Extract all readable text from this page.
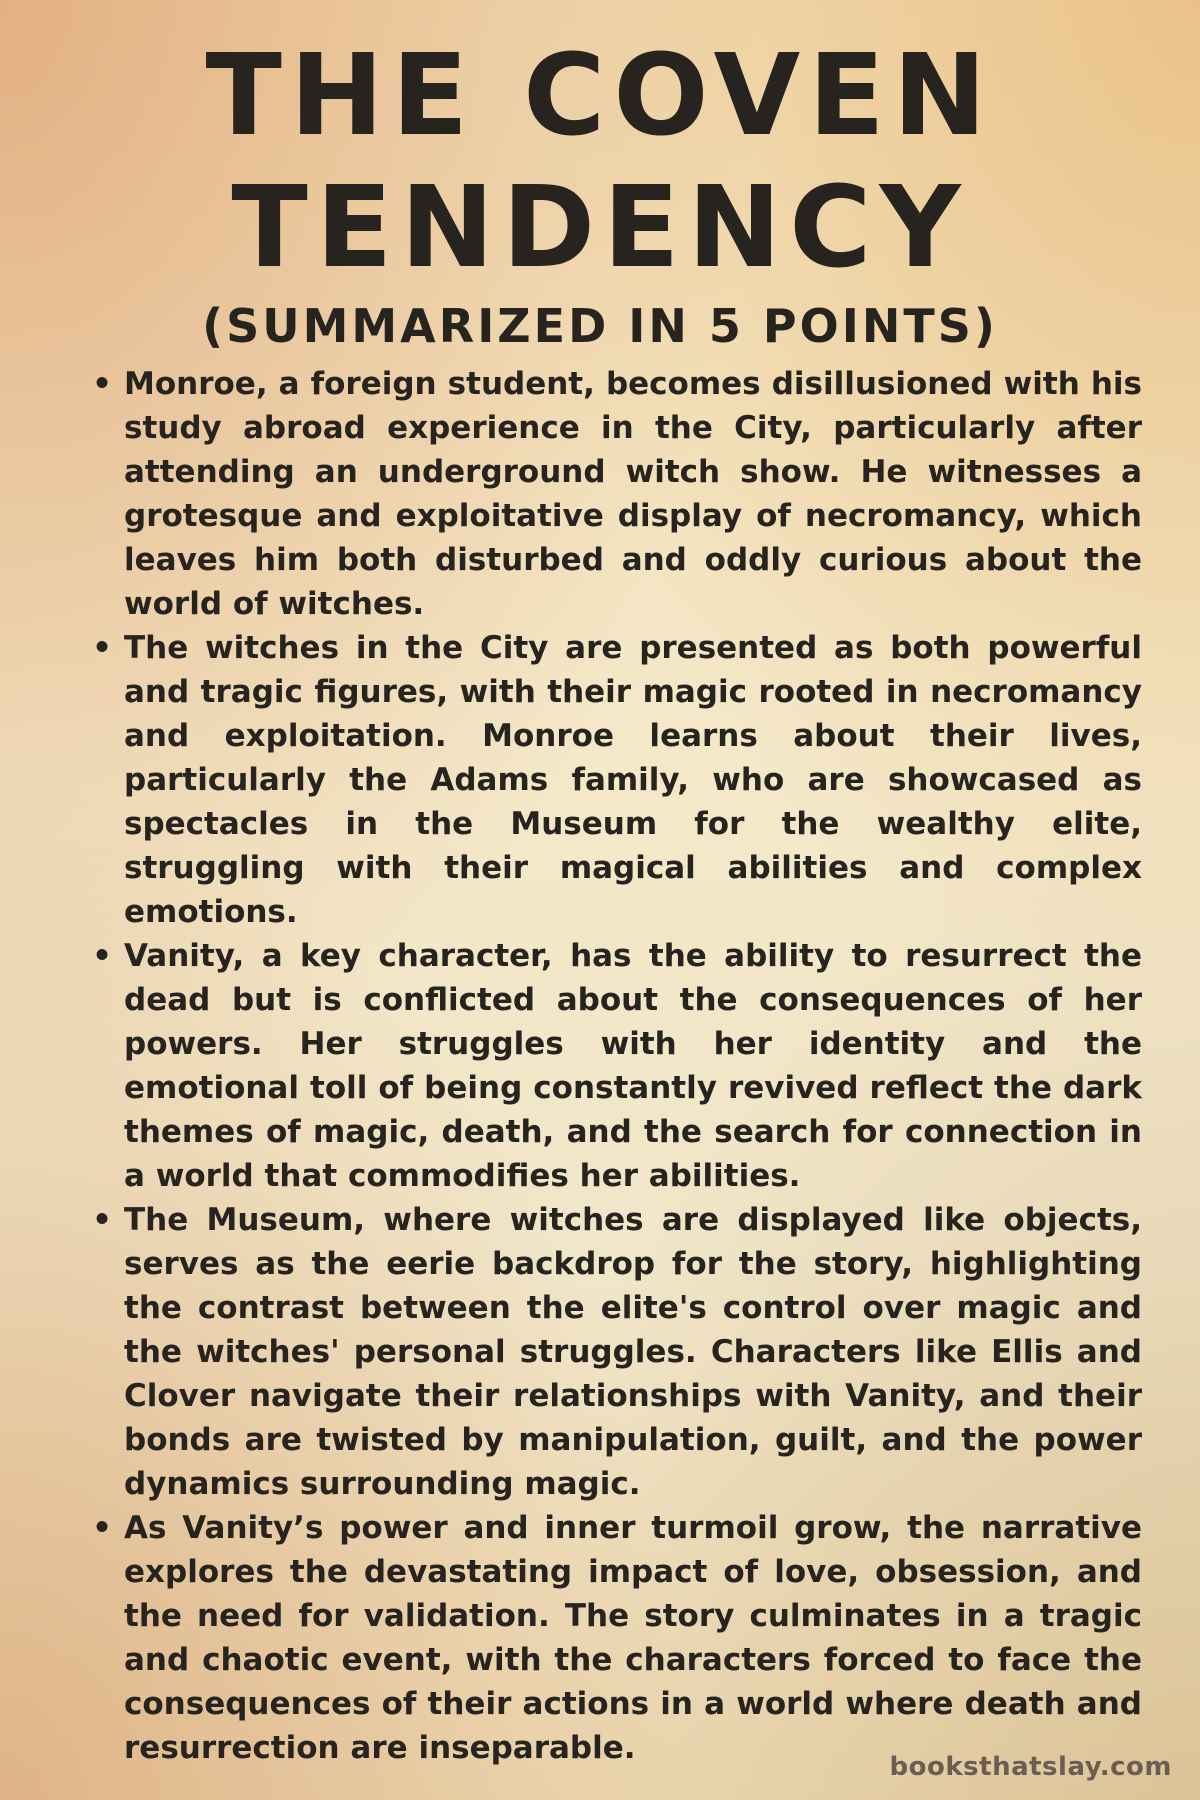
THE COVEN
TENDENCY
(SUMMARIZED IN 5 POINTS)
• Monroe, a foreign student, becomes disillusioned with his study abroad experience in the City, particularly after attending an underground witch show. He witnesses a grotesque and exploitative display of necromancy, which leaves him both disturbed and oddly curious about the world of witches.
• The witches in the City are presented as both powerful and tragic figures, with their magic rooted in necromancy and exploitation. Monroe learns about their lives, particularly the Adams family, who are showcased as spectacles in the Museum for the wealthy elite, struggling with their magical abilities and complex emotions.
• Vanity, a key character, has the ability to resurrect the dead but is conflicted about the consequences of her powers. Her struggles with her identity and the emotional toll of being constantly revived reflect the dark themes of magic, death, and the search for connection in a world that commodifies her abilities.
• The Museum, where witches are displayed like objects, serves as the eerie backdrop for the story, highlighting the contrast between the elite's control over magic and the witches' personal struggles. Characters like Ellis and Clover navigate their relationships with Vanity, and their bonds are twisted by manipulation, guilt, and the power dynamics surrounding magic.
• As Vanity’s power and inner turmoil grow, the narrative explores the devastating impact of love, obsession, and the need for validation. The story culminates in a tragic and chaotic event, with the characters forced to face the consequences of their actions in a world where death and resurrection are inseparable.
booksthatslay.com
